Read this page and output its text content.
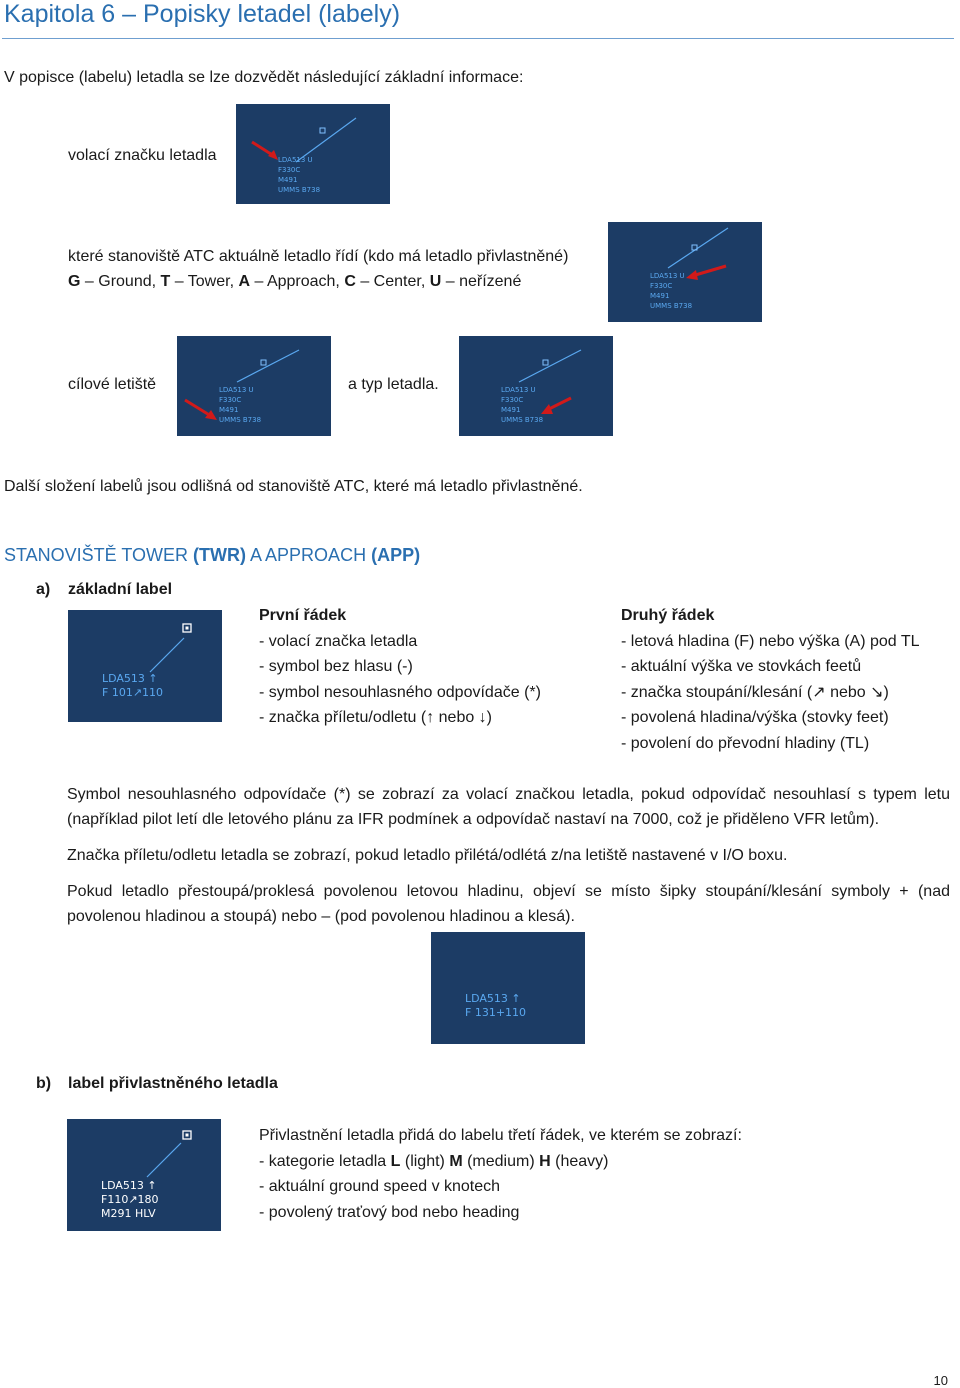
Kapitola 6 – Popisky letadel (labely)
V popisce (labelu) letadla se lze dozvědět následující základní informace:
volací značku letadla	LDA513 U
F330C
M491
UMMS B738
které stanoviště ATC aktuálně letadlo řídí (kdo má letadlo přivlastněné)
G – Ground, T – Tower, A – Approach, C – Center, U – neřízené	LDA513 U
F330C
M491
UMMS B738
cílové letiště	LDA513 U
F330C
M491
UMMS B738
a typ letadla.	LDA513 U
F330C
M491
UMMS B738
Další složení labelů jsou odlišná od stanoviště ATC, které má letadlo přivlastněné.
STANOVIŠTĚ TOWER (TWR) A APPROACH (APP)
a) základní label
LDA513 ↑
F 101↗110
První řádek
- volací značka letadla
- symbol bez hlasu (-)
- symbol nesouhlasného odpovídače (*)
- značka příletu/odletu (↑ nebo ↓)
Druhý řádek
- letová hladina (F) nebo výška (A) pod TL
- aktuální výška ve stovkách feetů
- značka stoupání/klesání (↗ nebo ↘)
- povolená hladina/výška (stovky feet)
- povolení do převodní hladiny (TL)
Symbol nesouhlasného odpovídače (*) se zobrazí za volací značkou letadla, pokud odpovídač nesouhlasí s typem letu (například pilot letí dle letového plánu za IFR podmínek a odpovídač nastaví na 7000, což je přiděleno VFR letům).
Značka příletu/odletu letadla se zobrazí, pokud letadlo přilétá/odlétá z/na letiště nastavené v I/O boxu.
Pokud letadlo přestoupá/proklesá povolenou letovou hladinu, objeví se místo šipky stoupání/klesání symboly + (nad povolenou hladinou a stoupá) nebo – (pod povolenou hladinou a klesá).
LDA513 ↑
F 131+110
b) label přivlastněného letadla
LDA513 ↑
F110↗180
M291 HLV
Přivlastnění letadla přidá do labelu třetí řádek, ve kterém se zobrazí:
- kategorie letadla L (light) M (medium) H (heavy)
- aktuální ground speed v knotech
- povolený traťový bod nebo heading
10
